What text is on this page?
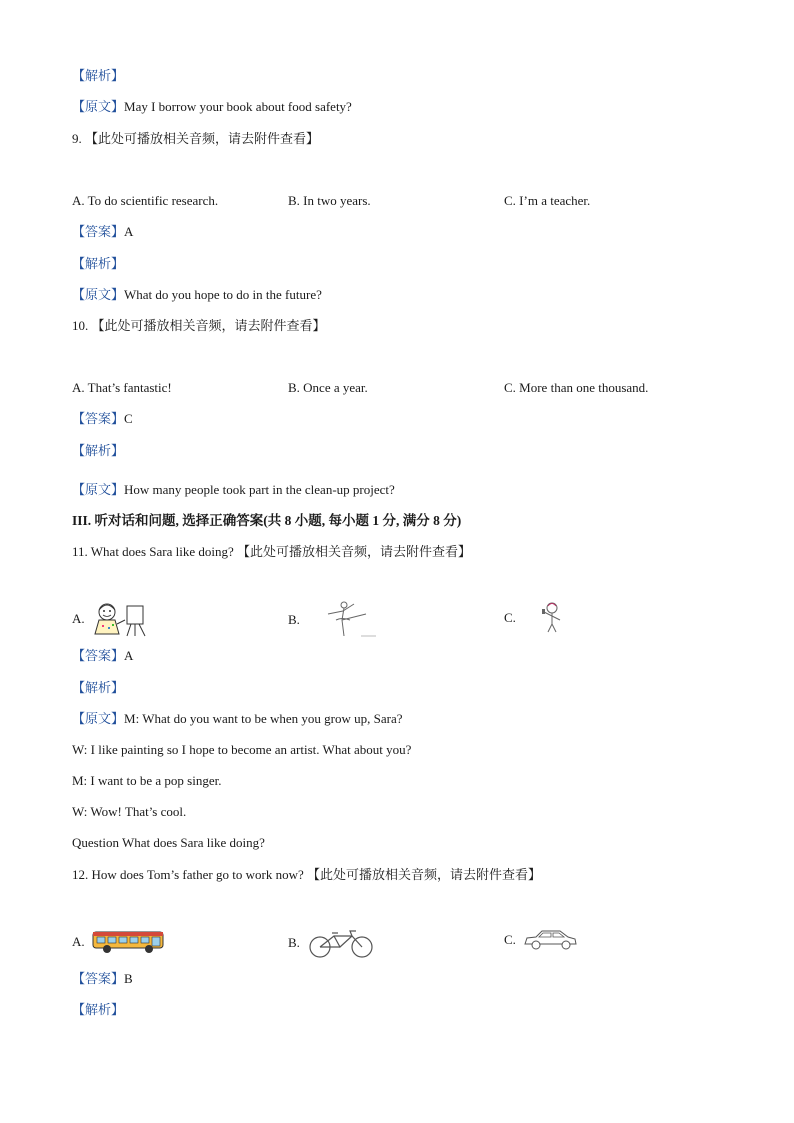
【解析】
【原文】May I borrow your book about food safety?
9. 【此处可播放相关音频，请去附件查看】
A. To do scientific research.	B. In two years.	C. I’m a teacher.
【答案】A
【解析】
【原文】What do you hope to do in the future?
10. 【此处可播放相关音频，请去附件查看】
A. That’s fantastic!	B. Once a year.	C. More than one thousand.
【答案】C
【解析】
【原文】How many people took part in the clean-up project?
III. 听对话和问题, 选择正确答案(共 8 小题, 每小题 1 分, 满分 8 分)
11. What does Sara like doing? 【此处可播放相关音频，请去附件查看】
A.	B.	C.
【答案】A
【解析】
【原文】M: What do you want to be when you grow up, Sara?
W: I like painting so I hope to become an artist. What about you?
M: I want to be a pop singer.
W: Wow! That’s cool.
Question What does Sara like doing?
12. How does Tom’s father go to work now? 【此处可播放相关音频，请去附件查看】
A.	B.	C.
【答案】B
【解析】
